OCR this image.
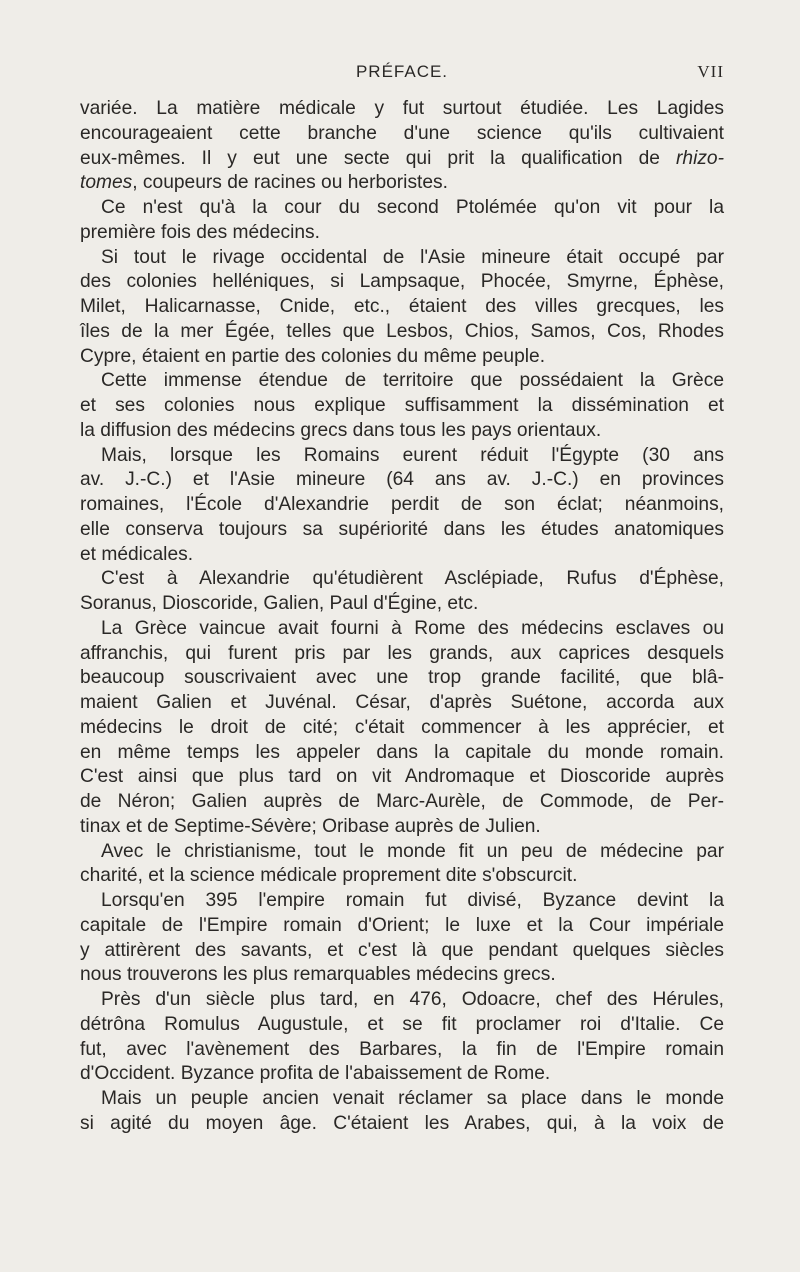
PRÉFACE.	VII
variée. La matière médicale y fut surtout étudiée. Les Lagides
encourageaient cette branche d'une science qu'ils cultivaient
eux-mêmes. Il y eut une secte qui prit la qualification de rhizo-
tomes, coupeurs de racines ou herboristes.
Ce n'est qu'à la cour du second Ptolémée qu'on vit pour la
première fois des médecins.
Si tout le rivage occidental de l'Asie mineure était occupé par
des colonies helléniques, si Lampsaque, Phocée, Smyrne, Éphèse,
Milet, Halicarnasse, Cnide, etc., étaient des villes grecques, les
îles de la mer Égée, telles que Lesbos, Chios, Samos, Cos, Rhodes
Cypre, étaient en partie des colonies du même peuple.
Cette immense étendue de territoire que possédaient la Grèce
et ses colonies nous explique suffisamment la dissémination et
la diffusion des médecins grecs dans tous les pays orientaux.
Mais, lorsque les Romains eurent réduit l'Égypte (30 ans
av. J.-C.) et l'Asie mineure (64 ans av. J.-C.) en provinces
romaines, l'École d'Alexandrie perdit de son éclat; néanmoins,
elle conserva toujours sa supériorité dans les études anatomiques
et médicales.
C'est à Alexandrie qu'étudièrent Asclépiade, Rufus d'Éphèse,
Soranus, Dioscoride, Galien, Paul d'Égine, etc.
La Grèce vaincue avait fourni à Rome des médecins esclaves ou
affranchis, qui furent pris par les grands, aux caprices desquels
beaucoup souscrivaient avec une trop grande facilité, que blâ-
maient Galien et Juvénal. César, d'après Suétone, accorda aux
médecins le droit de cité; c'était commencer à les apprécier, et
en même temps les appeler dans la capitale du monde romain.
C'est ainsi que plus tard on vit Andromaque et Dioscoride auprès
de Néron; Galien auprès de Marc-Aurèle, de Commode, de Per-
tinax et de Septime-Sévère; Oribase auprès de Julien.
Avec le christianisme, tout le monde fit un peu de médecine par
charité, et la science médicale proprement dite s'obscurcit.
Lorsqu'en 395 l'empire romain fut divisé, Byzance devint la
capitale de l'Empire romain d'Orient; le luxe et la Cour impériale
y attirèrent des savants, et c'est là que pendant quelques siècles
nous trouverons les plus remarquables médecins grecs.
Près d'un siècle plus tard, en 476, Odoacre, chef des Hérules,
détrôna Romulus Augustule, et se fit proclamer roi d'Italie. Ce
fut, avec l'avènement des Barbares, la fin de l'Empire romain
d'Occident. Byzance profita de l'abaissement de Rome.
Mais un peuple ancien venait réclamer sa place dans le monde
si agité du moyen âge. C'étaient les Arabes, qui, à la voix de
